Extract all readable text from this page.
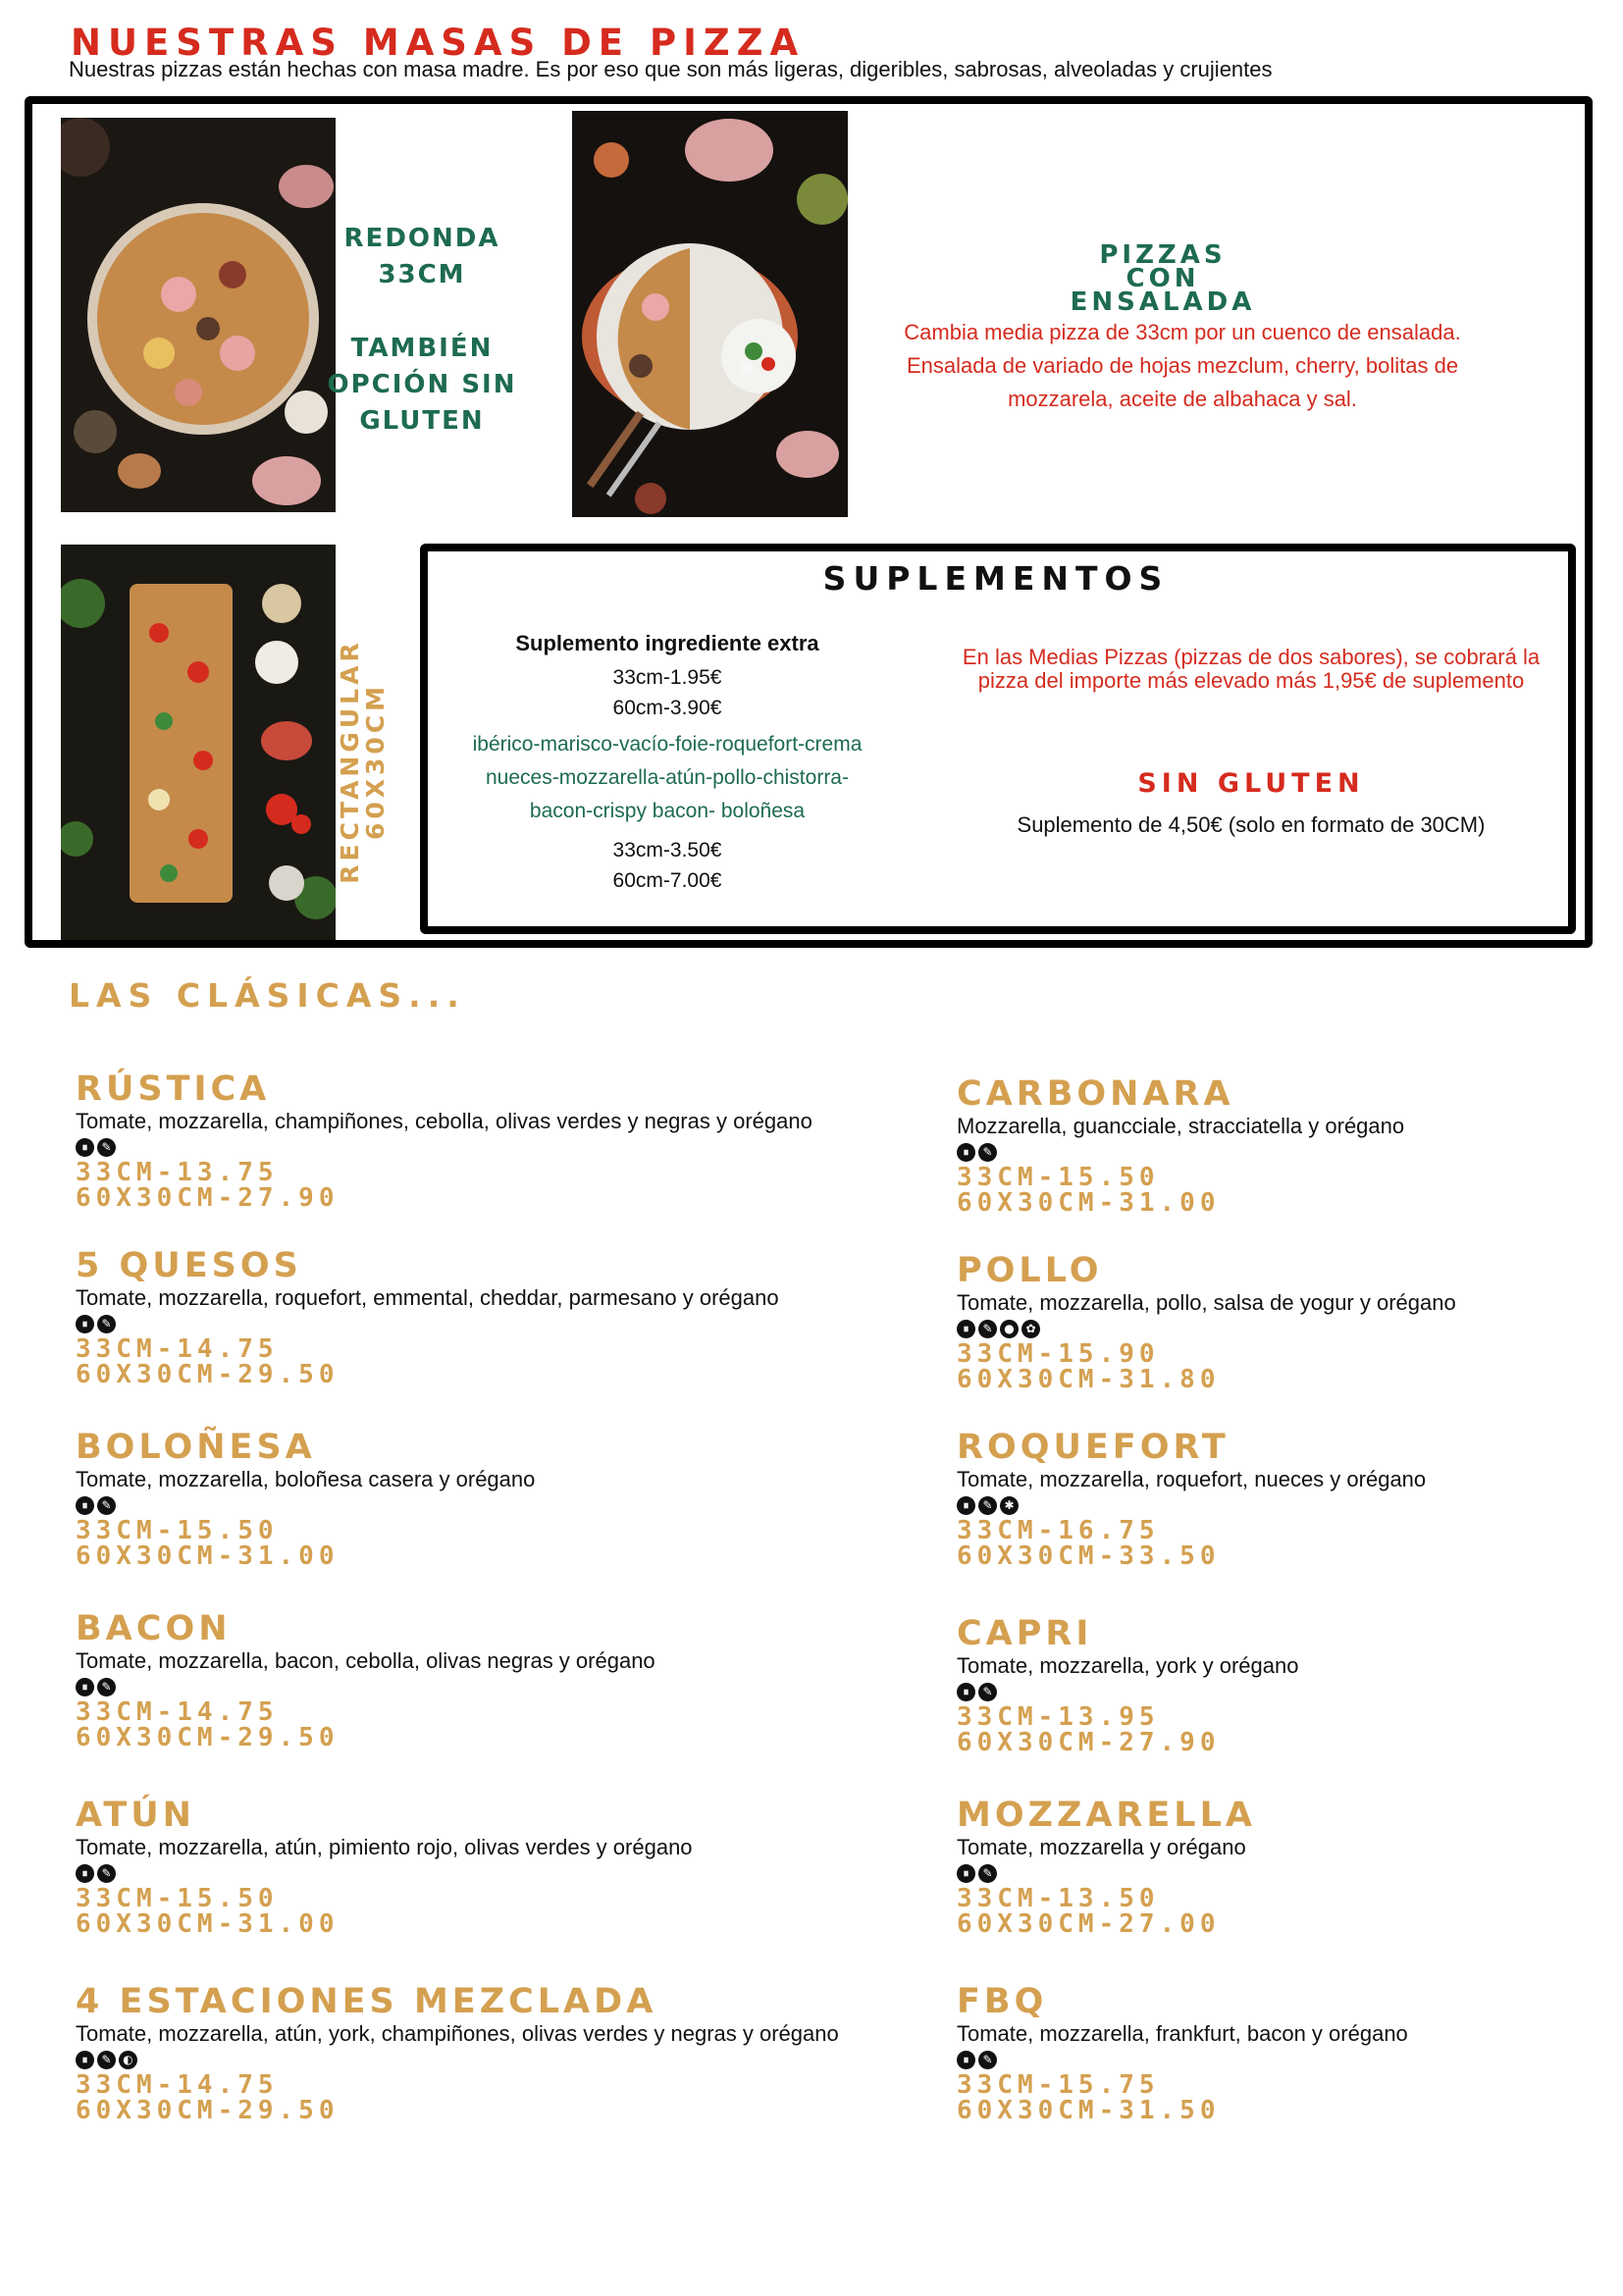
NUESTRAS MASAS DE PIZZA
Nuestras pizzas están hechas con masa madre. Es por eso que son más ligeras, digeribles, sabrosas, alveoladas y crujientes
REDONDA 33CM
TAMBIÉN OPCIÓN SIN GLUTEN
PIZZAS CON ENSALADA
Cambia media pizza de 33cm por un cuenco de ensalada. Ensalada de variado de hojas mezclum, cherry, bolitas de mozzarela, aceite de albahaca y sal.
RECTANGULAR 60X30CM
SUPLEMENTOS
Suplemento ingrediente extra
33cm-1.95€
60cm-3.90€
ibérico-marisco-vacío-foie-roquefort-crema nueces-mozzarella-atún-pollo-chistorra-bacon-crispy bacon- boloñesa
33cm-3.50€
60cm-7.00€
En las Medias Pizzas (pizzas de dos sabores), se cobrará la pizza del importe más elevado más 1,95€ de suplemento
SIN GLUTEN
Suplemento de 4,50€ (solo en formato de 30CM)
LAS CLÁSICAS...
RÚSTICA
Tomate, mozzarella, champiñones, cebolla, olivas verdes y negras y orégano
⏸	✎
33CM-13.75
60X30CM-27.90
5 QUESOS
Tomate, mozzarella, roquefort, emmental, cheddar, parmesano y orégano
⏸	✎
33CM-14.75
60X30CM-29.50
BOLOÑESA
Tomate, mozzarella, boloñesa casera y orégano
⏸	✎
33CM-15.50
60X30CM-31.00
BACON
Tomate, mozzarella, bacon, cebolla, olivas negras y orégano
⏸	✎
33CM-14.75
60X30CM-29.50
ATÚN
Tomate, mozzarella, atún, pimiento rojo, olivas verdes y orégano
⏸	✎
33CM-15.50
60X30CM-31.00
4 ESTACIONES MEZCLADA
Tomate, mozzarella, atún, york, champiñones, olivas verdes y negras y orégano
⏸	✎ ◐
33CM-14.75
60X30CM-29.50
CARBONARA
Mozzarella, guancciale, stracciatella y orégano
⏸	✎
33CM-15.50
60X30CM-31.00
POLLO
Tomate, mozzarella, pollo, salsa de yogur y orégano
⏸	✎ ● ✿
33CM-15.90
60X30CM-31.80
ROQUEFORT
Tomate, mozzarella, roquefort, nueces y orégano
⏸	✎ ✱
33CM-16.75
60X30CM-33.50
CAPRI
Tomate, mozzarella, york y orégano
⏸	✎
33CM-13.95
60X30CM-27.90
MOZZARELLA
Tomate, mozzarella y orégano
⏸	✎
33CM-13.50
60X30CM-27.00
FBQ
Tomate, mozzarella, frankfurt, bacon y orégano
⏸	✎
33CM-15.75
60X30CM-31.50
